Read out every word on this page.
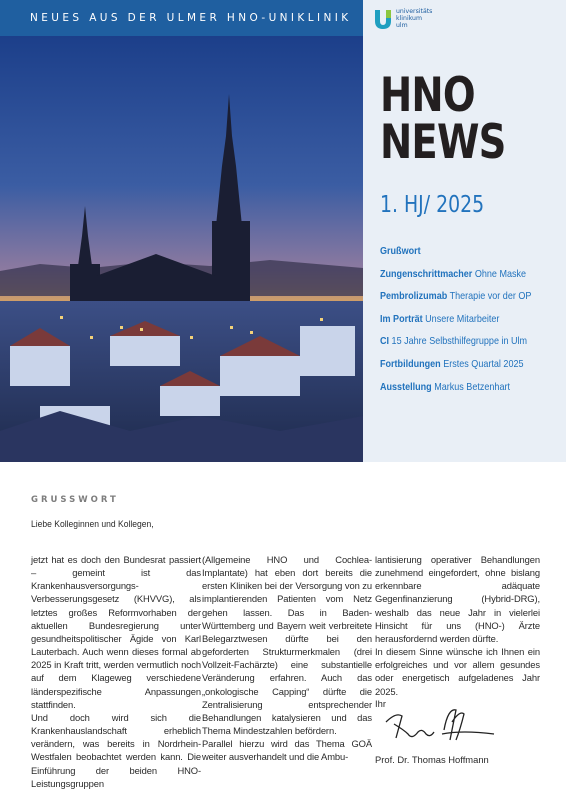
NEUES AUS DER ULMER HNO-UNIKLINIK
universitäts
klinikum
ulm
HNO
NEWS
1. HJ/ 2025
Grußwort
Zungenschrittmacher Ohne Maske
Pembrolizumab Therapie vor der OP
Im Porträt Unsere Mitarbeiter
CI 15 Jahre Selbsthilfegruppe in Ulm
Fortbildungen Erstes Quartal 2025
Ausstellung Markus Betzenhart
GRUSSWORT
Liebe Kolleginnen und Kollegen,

jetzt hat es doch den Bundesrat passiert – gemeint ist das Krankenhausversorgungs-Verbesserungsgesetz (KHVVG), als letztes großes Reformvorhaben der aktuellen Bundesregierung unter gesundheitspolitischer Ägide von Karl Lauterbach. Auch wenn dieses formal ab 2025 in Kraft tritt, werden vermutlich noch auf dem Klageweg verschiedene länderspezifische Anpassungen stattfinden.

Und doch wird sich die Krankenhauslandschaft erheblich verändern, was bereits in Nordrhein-Westfalen beobachtet werden kann. Die Einführung der beiden HNO-Leistungsgruppen

(Allgemeine HNO und Cochlea-Implantate) hat eben dort bereits die ersten Kliniken bei der Versorgung von zu implantierenden Patienten vom Netz gehen lassen. Das in Baden-Württemberg und Bayern weit verbreitete Belegarztwesen dürfte bei den geforderten Strukturmerkmalen (drei Vollzeit-Fachärzte) eine substantielle Veränderung erfahren. Auch das „onkologische Capping“ dürfte die Zentralisierung entsprechender Behandlungen katalysieren und das Thema Mindestzahlen befördern.

Parallel hierzu wird das Thema GOÄ weiter ausverhandelt und die Ambu-

lantisierung operativer Behandlungen zunehmend eingefordert, ohne bislang erkennbare adäquate Gegenfinanzierung (Hybrid-DRG), weshalb das neue Jahr in vielerlei Hinsicht für uns (HNO-) Ärzte herausfordernd werden dürfte.

In diesem Sinne wünsche ich Ihnen ein erfolgreiches und vor allem gesundes oder energetisch aufgeladenes Jahr 2025.

Ihr
Prof. Dr. Thomas Hoffmann
